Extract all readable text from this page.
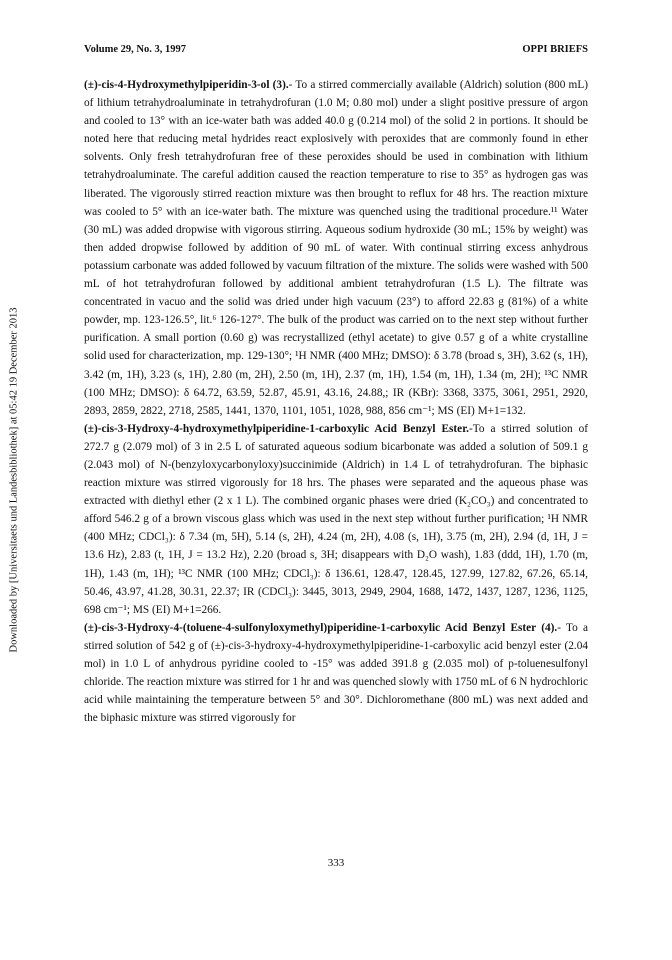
Volume 29, No. 3, 1997	OPPI BRIEFS
Downloaded by [Universitaets und Landesbibliothek] at 05:42 19 December 2013

(±)-cis-4-Hydroxymethylpiperidin-3-ol (3).- To a stirred commercially available (Aldrich) solution (800 mL) of lithium tetrahydroaluminate in tetrahydrofuran (1.0 M; 0.80 mol) under a slight positive pressure of argon and cooled to 13° with an ice-water bath was added 40.0 g (0.214 mol) of the solid 2 in portions. It should be noted here that reducing metal hydrides react explosively with peroxides that are commonly found in ether solvents. Only fresh tetrahydrofuran free of these peroxides should be used in combination with lithium tetrahydroaluminate. The careful addition caused the reaction temperature to rise to 35° as hydrogen gas was liberated. The vigorously stirred reaction mixture was then brought to reflux for 48 hrs. The reaction mixture was cooled to 5° with an ice-water bath. The mixture was quenched using the traditional procedure.¹¹ Water (30 mL) was added dropwise with vigorous stirring. Aqueous sodium hydroxide (30 mL; 15% by weight) was then added dropwise followed by addition of 90 mL of water. With continual stirring excess anhydrous potassium carbonate was added followed by vacuum filtration of the mixture. The solids were washed with 500 mL of hot tetrahydrofuran followed by additional ambient tetrahydrofuran (1.5 L). The filtrate was concentrated in vacuo and the solid was dried under high vacuum (23°) to afford 22.83 g (81%) of a white powder, mp. 123-126.5°, lit.⁶ 126-127°. The bulk of the product was carried on to the next step without further purification. A small portion (0.60 g) was recrystallized (ethyl acetate) to give 0.57 g of a white crystalline solid used for characterization, mp. 129-130°; ¹H NMR (400 MHz; DMSO): δ 3.78 (broad s, 3H), 3.62 (s, 1H), 3.42 (m, 1H), 3.23 (s, 1H), 2.80 (m, 2H), 2.50 (m, 1H), 2.37 (m, 1H), 1.54 (m, 1H), 1.34 (m, 2H); ¹³C NMR (100 MHz; DMSO): δ 64.72, 63.59, 52.87, 45.91, 43.16, 24.88,; IR (KBr): 3368, 3375, 3061, 2951, 2920, 2893, 2859, 2822, 2718, 2585, 1441, 1370, 1101, 1051, 1028, 988, 856 cm⁻¹; MS (EI) M+1=132.

(±)-cis-3-Hydroxy-4-hydroxymethylpiperidine-1-carboxylic Acid Benzyl Ester.-To a stirred solution of 272.7 g (2.079 mol) of 3 in 2.5 L of saturated aqueous sodium bicarbonate was added a solution of 509.1 g (2.043 mol) of N-(benzyloxycarbonyloxy)succinimide (Aldrich) in 1.4 L of tetrahydrofuran. The biphasic reaction mixture was stirred vigorously for 18 hrs. The phases were separated and the aqueous phase was extracted with diethyl ether (2 x 1 L). The combined organic phases were dried (K₂CO₃) and concentrated to afford 546.2 g of a brown viscous glass which was used in the next step without further purification; ¹H NMR (400 MHz; CDCl₃): δ 7.34 (m, 5H), 5.14 (s, 2H), 4.24 (m, 2H), 4.08 (s, 1H), 3.75 (m, 2H), 2.94 (d, 1H, J = 13.6 Hz), 2.83 (t, 1H, J = 13.2 Hz), 2.20 (broad s, 3H; disappears with D₂O wash), 1.83 (ddd, 1H), 1.70 (m, 1H), 1.43 (m, 1H); ¹³C NMR (100 MHz; CDCl₃): δ 136.61, 128.47, 128.45, 127.99, 127.82, 67.26, 65.14, 50.46, 43.97, 41.28, 30.31, 22.37; IR (CDCl₃): 3445, 3013, 2949, 2904, 1688, 1472, 1437, 1287, 1236, 1125, 698 cm⁻¹; MS (EI) M+1=266.

(±)-cis-3-Hydroxy-4-(toluene-4-sulfonyloxymethyl)piperidine-1-carboxylic Acid Benzyl Ester (4).- To a stirred solution of 542 g of (±)-cis-3-hydroxy-4-hydroxymethylpiperidine-1-carboxylic acid benzyl ester (2.04 mol) in 1.0 L of anhydrous pyridine cooled to -15° was added 391.8 g (2.035 mol) of p-toluenesulfonyl chloride. The reaction mixture was stirred for 1 hr and was quenched slowly with 1750 mL of 6 N hydrochloric acid while maintaining the temperature between 5° and 30°. Dichloromethane (800 mL) was next added and the biphasic mixture was stirred vigorously for

333
